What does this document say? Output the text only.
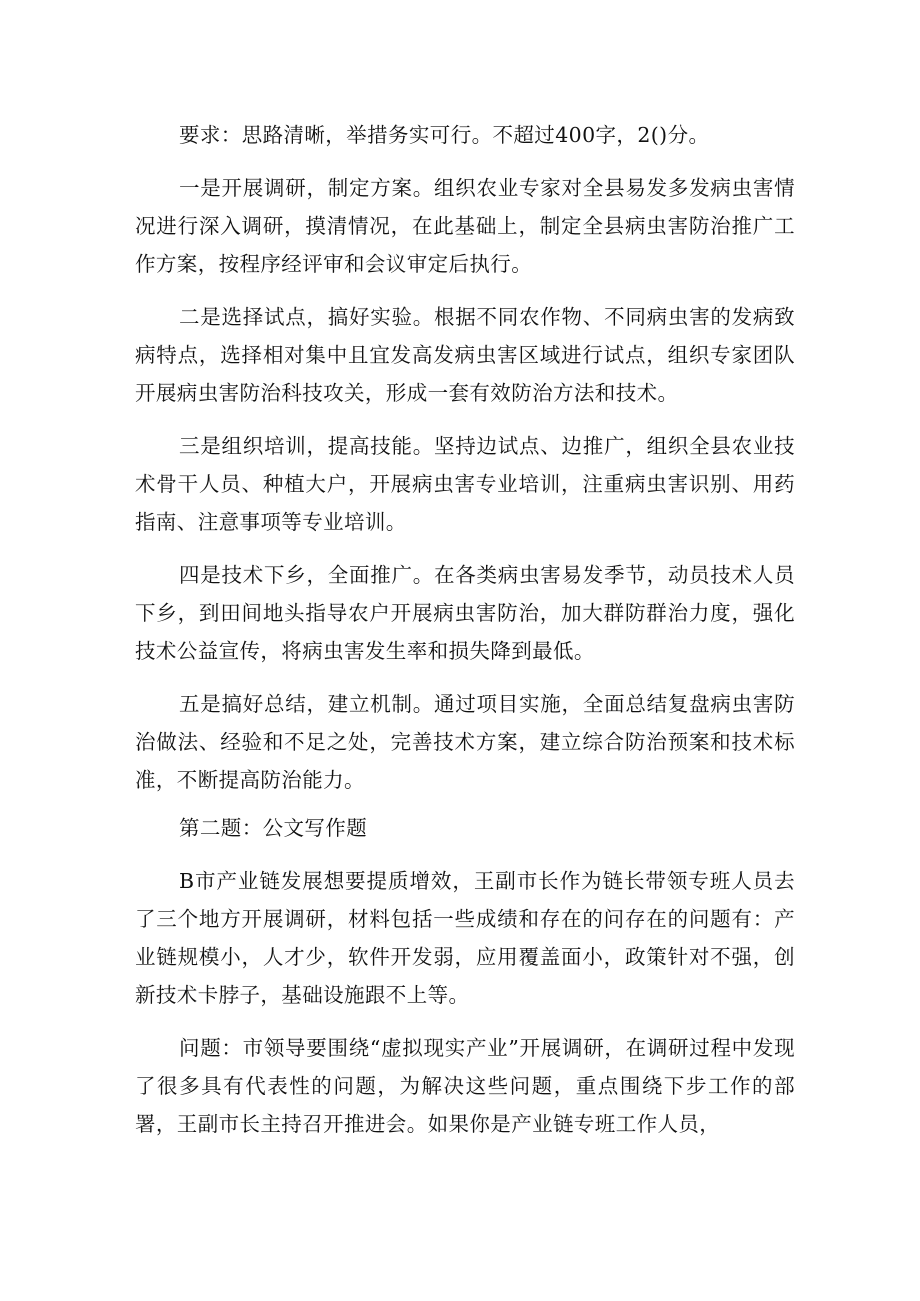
要求：思路清晰，举措务实可行。不超过400字，2()分。

一是开展调研，制定方案。组织农业专家对全县易发多发病虫害情况进行深入调研，摸清情况，在此基础上，制定全县病虫害防治推广工作方案，按程序经评审和会议审定后执行。

二是选择试点，搞好实验。根据不同农作物、不同病虫害的发病致病特点，选择相对集中且宜发高发病虫害区域进行试点，组织专家团队开展病虫害防治科技攻关，形成一套有效防治方法和技术。

三是组织培训，提高技能。坚持边试点、边推广，组织全县农业技术骨干人员、种植大户，开展病虫害专业培训，注重病虫害识别、用药指南、注意事项等专业培训。

四是技术下乡，全面推广。在各类病虫害易发季节，动员技术人员下乡，到田间地头指导农户开展病虫害防治，加大群防群治力度，强化技术公益宣传，将病虫害发生率和损失降到最低。

五是搞好总结，建立机制。通过项目实施，全面总结复盘病虫害防治做法、经验和不足之处，完善技术方案，建立综合防治预案和技术标准，不断提高防治能力。

第二题：公文写作题

B市产业链发展想要提质增效，王副市长作为链长带领专班人员去了三个地方开展调研，材料包括一些成绩和存在的问存在的问题有：产业链规模小，人才少，软件开发弱，应用覆盖面小，政策针对不强，创新技术卡脖子，基础设施跟不上等。

问题：市领导要围绕“虚拟现实产业”开展调研，在调研过程中发现了很多具有代表性的问题，为解决这些问题，重点围绕下步工作的部署，王副市长主持召开推进会。如果你是产业链专班工作人员，
